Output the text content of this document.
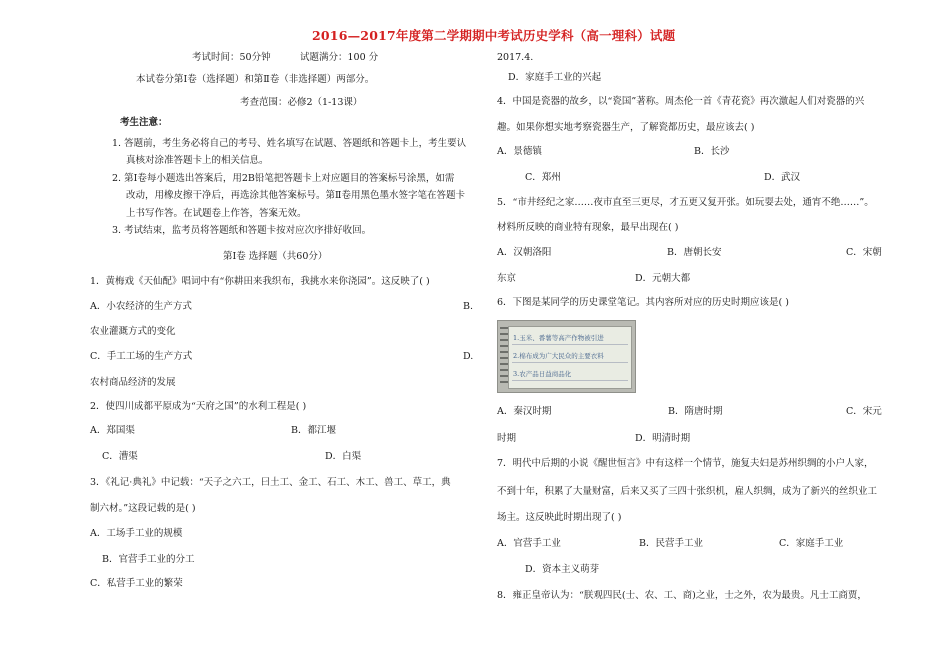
2016—2017年度第二学期期中考试历史学科（高一理科）试题
考试时间：50分钟	试题满分：100 分
本试卷分第Ⅰ卷（选择题）和第Ⅱ卷（非选择题）两部分。
考查范围：必修2（1-13课）
考生注意：
1. 答题前，考生务必将自己的考号、姓名填写在试题、答题纸和答题卡上，考生要认
真核对涂准答题卡上的相关信息。
2. 第Ⅰ卷每小题选出答案后，用2B铅笔把答题卡上对应题目的答案标号涂黑，如需
改动，用橡皮擦干净后，再选涂其他答案标号。第Ⅱ卷用黑色墨水签字笔在答题卡
上书写作答。在试题卷上作答，答案无效。
3. 考试结束，监考员将答题纸和答题卡按对应次序排好收回。
第Ⅰ卷 选择题（共60分）
1．黄梅戏《天仙配》唱词中有“你耕田来我织布，我挑水来你浇园”。这反映了( )
A．小农经济的生产方式	B.
农业灌溉方式的变化
C．手工工场的生产方式	D.
农村商品经济的发展
2．使四川成都平原成为“天府之国”的水利工程是( )
A．郑国渠	B．都江堰
C．漕渠	D．白渠
3．《礼记·典礼》中记载：“天子之六工，曰土工、金工、石工、木工、兽工、草工，典
制六材。”这段记载的是( )
A．工场手工业的规模
B．官营手工业的分工
C．私营手工业的繁荣
2017.4.
D．家庭手工业的兴起
4．中国是瓷器的故乡，以“瓷国”著称。周杰伦一首《青花瓷》再次激起人们对瓷器的兴
趣。如果你想实地考察瓷器生产，了解瓷都历史，最应该去( )
A．景德镇	B．长沙
C．郑州	D．武汉
5．“市井经纪之家……夜市直至三更尽，才五更又复开张。如玩耍去处，通宵不绝……”。
材料所反映的商业特有现象，最早出现在( )
A．汉朝洛阳	B．唐朝长安	C．宋朝
东京	D．元朝大都
6．下图是某同学的历史课堂笔记。其内容所对应的历史时期应该是( )
1.玉米、番薯等高产作物被引进
2.棉布成为广大民众的主要衣料
3.农产品日益商品化
A．秦汉时期	B．隋唐时期	C．宋元
时期	D．明清时期
7．明代中后期的小说《醒世恒言》中有这样一个情节，施复夫妇是苏州织绸的小户人家，
不到十年，积累了大量财富，后来又买了三四十张织机，雇人织绸，成为了新兴的丝织业工
场主。这反映此时期出现了( )
A．官营手工业	B．民营手工业	C．家庭手工业
D．资本主义萌芽
8．雍正皇帝认为：“朕观四民(士、农、工、商)之业，士之外，农为最贵。凡士工商贾，
